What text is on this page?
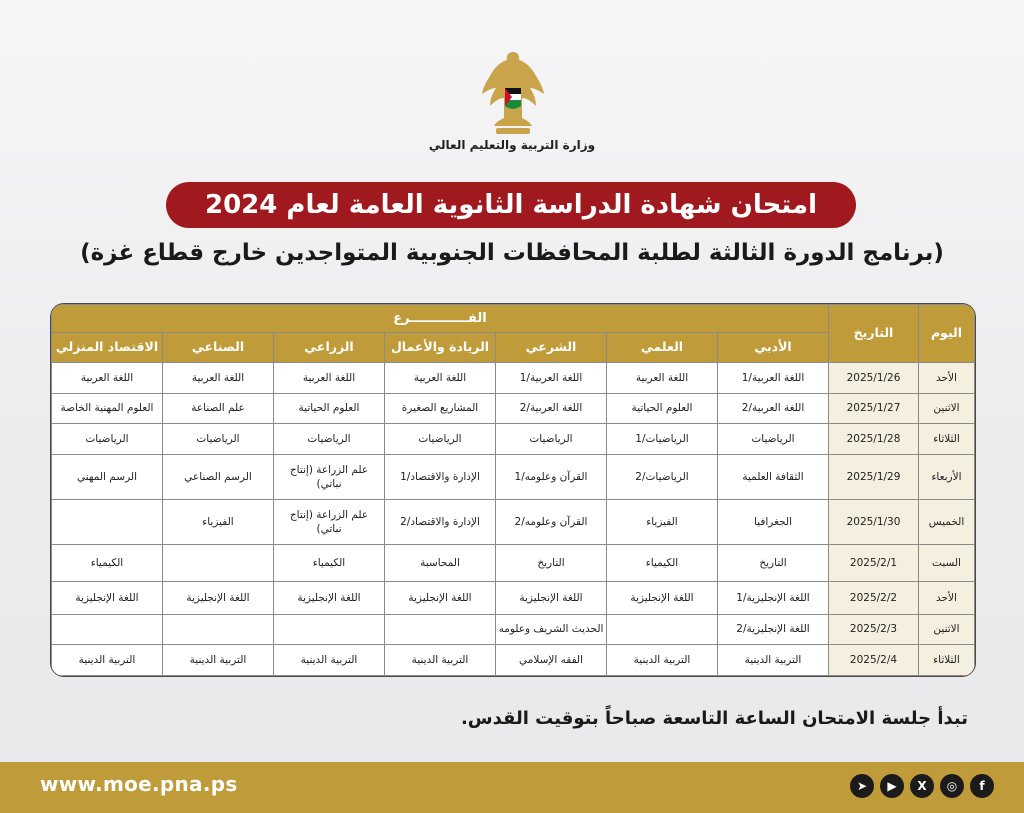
وزارة التربية والتعليم العالي
امتحان شهادة الدراسة الثانوية العامة لعام 2024
(برنامج الدورة الثالثة لطلبة المحافظات الجنوبية المتواجدين خارج قطاع غزة)
اليوم	التاريخ	الفـــــــــــــرع						
		الأدبي	العلمي	الشرعي	الريادة والأعمال	الزراعي	الصناعي	الاقتصاد المنزلي
الأحد	2025/1/26	اللغة العربية/1	اللغة العربية	اللغة العربية/1	اللغة العربية	اللغة العربية	اللغة العربية	اللغة العربية
الاثنين	2025/1/27	اللغة العربية/2	العلوم الحياتية	اللغة العربية/2	المشاريع الصغيرة	العلوم الحياتية	علم الصناعة	العلوم المهنية الخاصة
الثلاثاء	2025/1/28	الرياضيات	الرياضيات/1	الرياضيات	الرياضيات	الرياضيات	الرياضيات	الرياضيات
الأربعاء	2025/1/29	الثقافة العلمية	الرياضيات/2	القرآن وعلومه/1	الإدارة والاقتصاد/1	علم الزراعة (إنتاج نباتي)	الرسم الصناعي	الرسم المهني
الخميس	2025/1/30	الجغرافيا	الفيزياء	القرآن وعلومه/2	الإدارة والاقتصاد/2	علم الزراعة (إنتاج نباتي)	الفيزياء	
السبت	2025/2/1	التاريخ	الكيمياء	التاريخ	المحاسبة	الكيمياء		الكيمياء
الأحد	2025/2/2	اللغة الإنجليزية/1	اللغة الإنجليزية	اللغة الإنجليزية	اللغة الإنجليزية	اللغة الإنجليزية	اللغة الإنجليزية	اللغة الإنجليزية
الاثنين	2025/2/3	اللغة الإنجليزية/2		الحديث الشريف وعلومه				
الثلاثاء	2025/2/4	التربية الدينية	التربية الدينية	الفقه الإسلامي	التربية الدينية	التربية الدينية	التربية الدينية	التربية الدينية
تبدأ جلسة الامتحان الساعة التاسعة صباحاً بتوقيت القدس.
www.moe.pna.ps	➤	▶	X	◎	f
